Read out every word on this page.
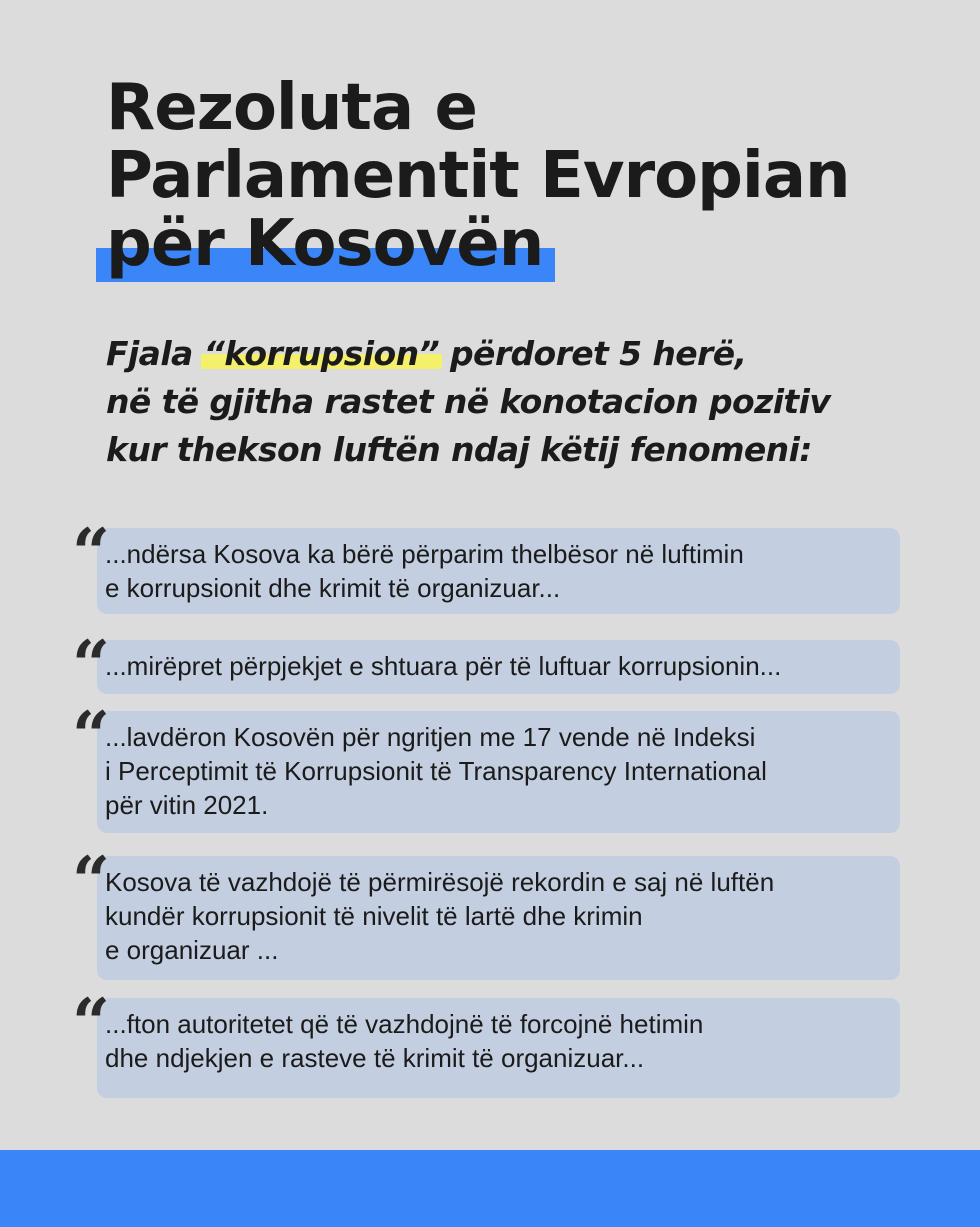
Rezoluta e
Parlamentit Evropian
për Kosovën
Fjala “korrupsion” përdoret 5 herë,
në të gjitha rastet në konotacion pozitiv
kur thekson luftën ndaj këtij fenomeni:
“
...ndërsa Kosova ka bërë përparim thelbësor në luftimin
e korrupsionit dhe krimit të organizuar...
“
...mirëpret përpjekjet e shtuara për të luftuar korrupsionin...
“
...lavdëron Kosovën për ngritjen me 17 vende në Indeksi
i Perceptimit të Korrupsionit të Transparency International
për vitin 2021.
“
Kosova të vazhdojë të përmirësojë rekordin e saj në luftën
kundër korrupsionit të nivelit të lartë dhe krimin
e organizuar ...
“
...fton autoritetet që të vazhdojnë të forcojnë hetimin
dhe ndjekjen e rasteve të krimit të organizuar...
